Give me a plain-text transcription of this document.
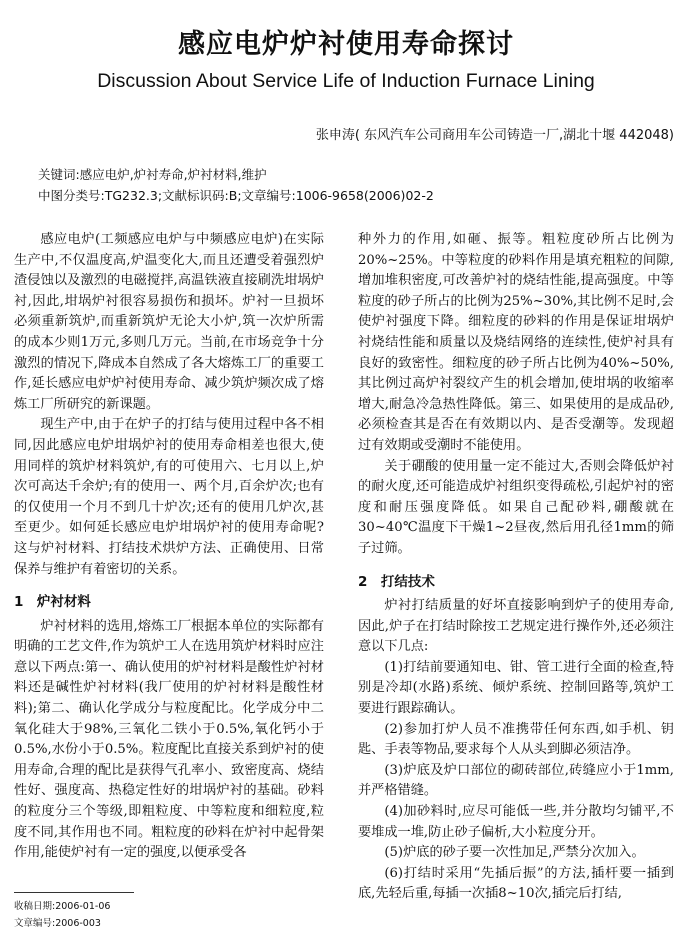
感应电炉炉衬使用寿命探讨
Discussion About Service Life of Induction Furnace Lining
张申涛( 东风汽车公司商用车公司铸造一厂,湖北十堰 442048)
关键词:感应电炉,炉衬寿命,炉衬材料,维护
中图分类号:TG232.3;文献标识码:B;文章编号:1006-9658(2006)02-2

感应电炉(工频感应电炉与中频感应电炉)在实际生产中,不仅温度高,炉温变化大,而且还遭受着强烈炉渣侵蚀以及激烈的电磁搅拌,高温铁液直接刷洗坩埚炉衬,因此,坩埚炉衬很容易损伤和损坏。炉衬一旦损坏必须重新筑炉,而重新筑炉无论大小炉,筑一次炉所需的成本少则1万元,多则几万元。当前,在市场竞争十分激烈的情况下,降成本自然成了各大熔炼工厂的重要工作,延长感应电炉炉衬使用寿命、减少筑炉频次成了熔炼工厂所研究的新课题。

现生产中,由于在炉子的打结与使用过程中各不相同,因此感应电炉坩埚炉衬的使用寿命相差也很大,使用同样的筑炉材料筑炉,有的可使用六、七月以上,炉次可高达千余炉;有的使用一、两个月,百余炉次;也有的仅使用一个月不到几十炉次;还有的使用几炉次,甚至更少。如何延长感应电炉坩埚炉衬的使用寿命呢?这与炉衬材料、打结技术烘炉方法、正确使用、日常保养与维护有着密切的关系。

1　炉衬材料

炉衬材料的选用,熔炼工厂根据本单位的实际都有明确的工艺文件,作为筑炉工人在选用筑炉材料时应注意以下两点:第一、确认使用的炉衬材料是酸性炉衬材料还是碱性炉衬材料(我厂使用的炉衬材料是酸性材料);第二、确认化学成分与粒度配比。化学成分中二氧化硅大于98%,三氧化二铁小于0.5%,氧化钙小于0.5%,水份小于0.5%。粒度配比直接关系到炉衬的使用寿命,合理的配比是获得气孔率小、致密度高、烧结性好、强度高、热稳定性好的坩埚炉衬的基础。砂料的粒度分三个等级,即粗粒度、中等粒度和细粒度,粒度不同,其作用也不同。粗粒度的砂料在炉衬中起骨架作用,能使炉衬有一定的强度,以便承受各

收稿日期:2006-01-06
文章编号:2006-003

种外力的作用,如砸、振等。粗粒度砂所占比例为20%~25%。中等粒度的砂料作用是填充粗粒的间隙,增加堆积密度,可改善炉衬的烧结性能,提高强度。中等粒度的砂子所占的比例为25%~30%,其比例不足时,会使炉衬强度下降。细粒度的砂料的作用是保证坩埚炉衬烧结性能和质量以及烧结网络的连续性,使炉衬具有良好的致密性。细粒度的砂子所占比例为40%~50%,其比例过高炉衬裂纹产生的机会增加,使坩埚的收缩率增大,耐急冷急热性降低。第三、如果使用的是成品砂,必须检查其是否在有效期以内、是否受潮等。发现超过有效期或受潮时不能使用。

关于硼酸的使用量一定不能过大,否则会降低炉衬的耐火度,还可能造成炉衬组织变得疏松,引起炉衬的密度和耐压强度降低。如果自己配砂料,硼酸就在30~40℃温度下干燥1~2昼夜,然后用孔径1mm的筛子过筛。

2　打结技术

炉衬打结质量的好坏直接影响到炉子的使用寿命,因此,炉子在打结时除按工艺规定进行操作外,还必须注意以下几点:

(1)打结前要通知电、钳、管工进行全面的检查,特别是冷却(水路)系统、倾炉系统、控制回路等,筑炉工要进行跟踪确认。

(2)参加打炉人员不准携带任何东西,如手机、钥匙、手表等物品,要求每个人从头到脚必须洁净。

(3)炉底及炉口部位的砌砖部位,砖缝应小于1mm,并严格错缝。

(4)加砂料时,应尽可能低一些,并分散均匀铺平,不要堆成一堆,防止砂子偏析,大小粒度分开。

(5)炉底的砂子要一次性加足,严禁分次加入。

(6)打结时采用“先插后振”的方法,插杆要一插到底,先轻后重,每插一次插8~10次,插完后打结,
